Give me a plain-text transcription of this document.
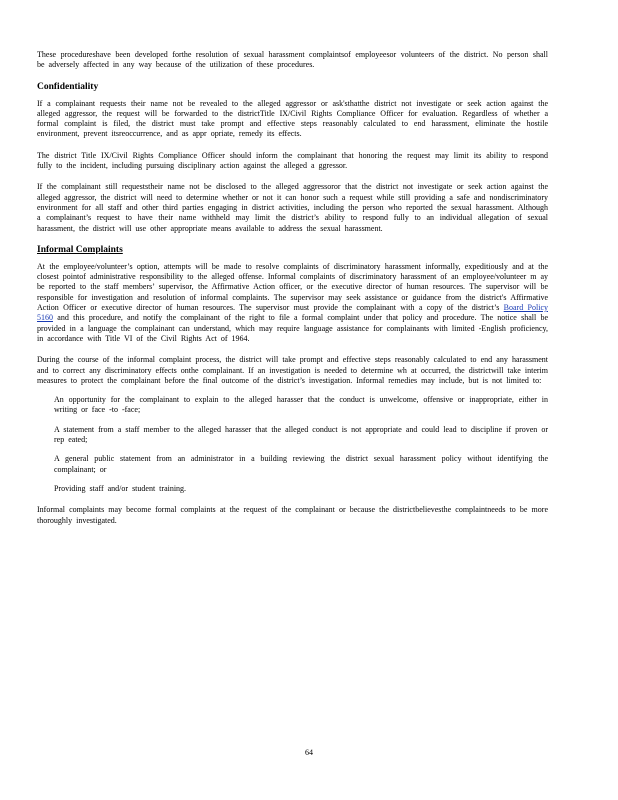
These procedureshave been developed forthe resolution of sexual harassment complaintsof employeesor volunteers of the district. No person shall be adversely affected in any way because of the utilization of these procedures.

Confidentiality

If a complainant requests their name not be revealed to the alleged aggressor or ask'sthatthe district not investigate or seek action against the alleged aggressor, the request will be forwarded to the districtTitle IX/Civil Rights Compliance Officer for evaluation. Regardless of whether a formal complaint is filed, the district must take prompt and effective steps reasonably calculated to end harassment, eliminate the hostile environment, prevent itsreoccurrence, and as appr opriate, remedy its effects.

The district Title IX/Civil Rights Compliance Officer should inform the complainant that honoring the request may limit its ability to respond fully to the incident, including pursuing disciplinary action against the alleged a ggressor.

If the complainant still requeststheir name not be disclosed to the alleged aggressoror that the district not investigate or seek action against the alleged aggressor, the district will need to determine whether or not it can honor such a request while still providing a safe and nondiscriminatory environment for all staff and other third parties engaging in district activities, including the person who reported the sexual harassment. Although a complainant’s request to have their name withheld may limit the district’s ability to respond fully to an individual allegation of sexual harassment, the district will use other appropriate means available to address the sexual harassment.

Informal Complaints

At the employee/volunteer’s option, attempts will be made to resolve complaints of discriminatory harassment informally, expeditiously and at the closest pointof administrative responsibility to the alleged offense. Informal complaints of discriminatory harassment of an employee/volunteer m ay be reported to the staff members’ supervisor, the Affirmative Action officer, or the executive director of human resources. The supervisor will be responsible for investigation and resolution of informal complaints. The supervisor may seek assistance or guidance from the district's Affirmative Action Officer or executive director of human resources. The supervisor must provide the complainant with a copy of the district’s Board Policy 5160 and this procedure, and notify the complainant of the right to file a formal complaint under that policy and procedure. The notice shall be provided in a language the complainant can understand, which may require language assistance for complainants with limited -English proficiency, in accordance with Title VI of the Civil Rights Act of 1964.

During the course of the informal complaint process, the district will take prompt and effective steps reasonably calculated to end any harassment and to correct any discriminatory effects onthe complainant. If an investigation is needed to determine wh at occurred, the districtwill take interim measures to protect the complainant before the final outcome of the district’s investigation. Informal remedies may include, but is not limited to:

An opportunity for the complainant to explain to the alleged harasser that the conduct is unwelcome, offensive or inappropriate, either in writing or face -to -face;
A statement from a staff member to the alleged harasser that the alleged conduct is not appropriate and could lead to discipline if proven or rep eated;
A general public statement from an administrator in a building reviewing the district sexual harassment policy without identifying the complainant; or
Providing staff and/or student training.

Informal complaints may become formal complaints at the request of the complainant or because the districtbelievesthe complaintneeds to be more thoroughly investigated.

64
